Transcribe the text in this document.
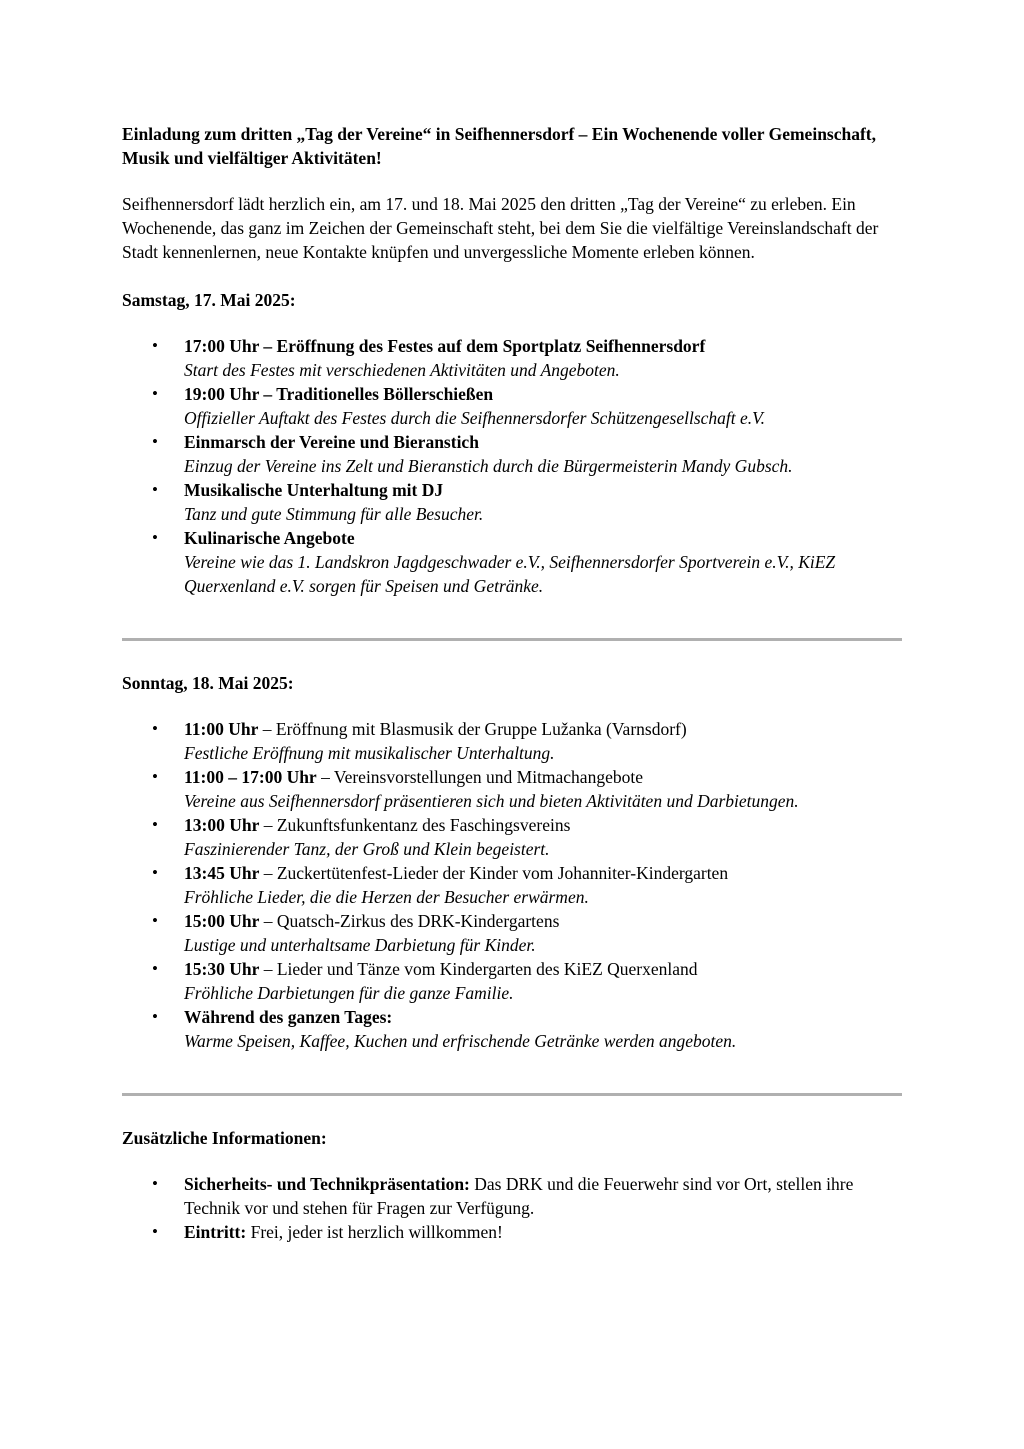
Einladung zum dritten „Tag der Vereine“ in Seifhennersdorf – Ein Wochenende voller Gemeinschaft, Musik und vielfältiger Aktivitäten!

Seifhennersdorf lädt herzlich ein, am 17. und 18. Mai 2025 den dritten „Tag der Vereine“ zu erleben. Ein Wochenende, das ganz im Zeichen der Gemeinschaft steht, bei dem Sie die vielfältige Vereinslandschaft der Stadt kennenlernen, neue Kontakte knüpfen und unvergessliche Momente erleben können.

Samstag, 17. Mai 2025:
• 17:00 Uhr – Eröffnung des Festes auf dem Sportplatz Seifhennersdorf
Start des Festes mit verschiedenen Aktivitäten und Angeboten.
• 19:00 Uhr – Traditionelles Böllerschießen
Offizieller Auftakt des Festes durch die Seifhennersdorfer Schützengesellschaft e.V.
• Einmarsch der Vereine und Bieranstich
Einzug der Vereine ins Zelt und Bieranstich durch die Bürgermeisterin Mandy Gubsch.
• Musikalische Unterhaltung mit DJ
Tanz und gute Stimmung für alle Besucher.
• Kulinarische Angebote
Vereine wie das 1. Landskron Jagdgeschwader e.V., Seifhennersdorfer Sportverein e.V., KiEZ Querxenland e.V. sorgen für Speisen und Getränke.
Sonntag, 18. Mai 2025:
• 11:00 Uhr – Eröffnung mit Blasmusik der Gruppe Lužanka (Varnsdorf)
Festliche Eröffnung mit musikalischer Unterhaltung.
• 11:00 – 17:00 Uhr – Vereinsvorstellungen und Mitmachangebote
Vereine aus Seifhennersdorf präsentieren sich und bieten Aktivitäten und Darbietungen.
• 13:00 Uhr – Zukunftsfunkentanz des Faschingsvereins
Faszinierender Tanz, der Groß und Klein begeistert.
• 13:45 Uhr – Zuckertütenfest-Lieder der Kinder vom Johanniter-Kindergarten
Fröhliche Lieder, die die Herzen der Besucher erwärmen.
• 15:00 Uhr – Quatsch-Zirkus des DRK-Kindergartens
Lustige und unterhaltsame Darbietung für Kinder.
• 15:30 Uhr – Lieder und Tänze vom Kindergarten des KiEZ Querxenland
Fröhliche Darbietungen für die ganze Familie.
• Während des ganzen Tages:
Warme Speisen, Kaffee, Kuchen und erfrischende Getränke werden angeboten.
Zusätzliche Informationen:
• Sicherheits- und Technikpräsentation: Das DRK und die Feuerwehr sind vor Ort, stellen ihre Technik vor und stehen für Fragen zur Verfügung.
• Eintritt: Frei, jeder ist herzlich willkommen!
